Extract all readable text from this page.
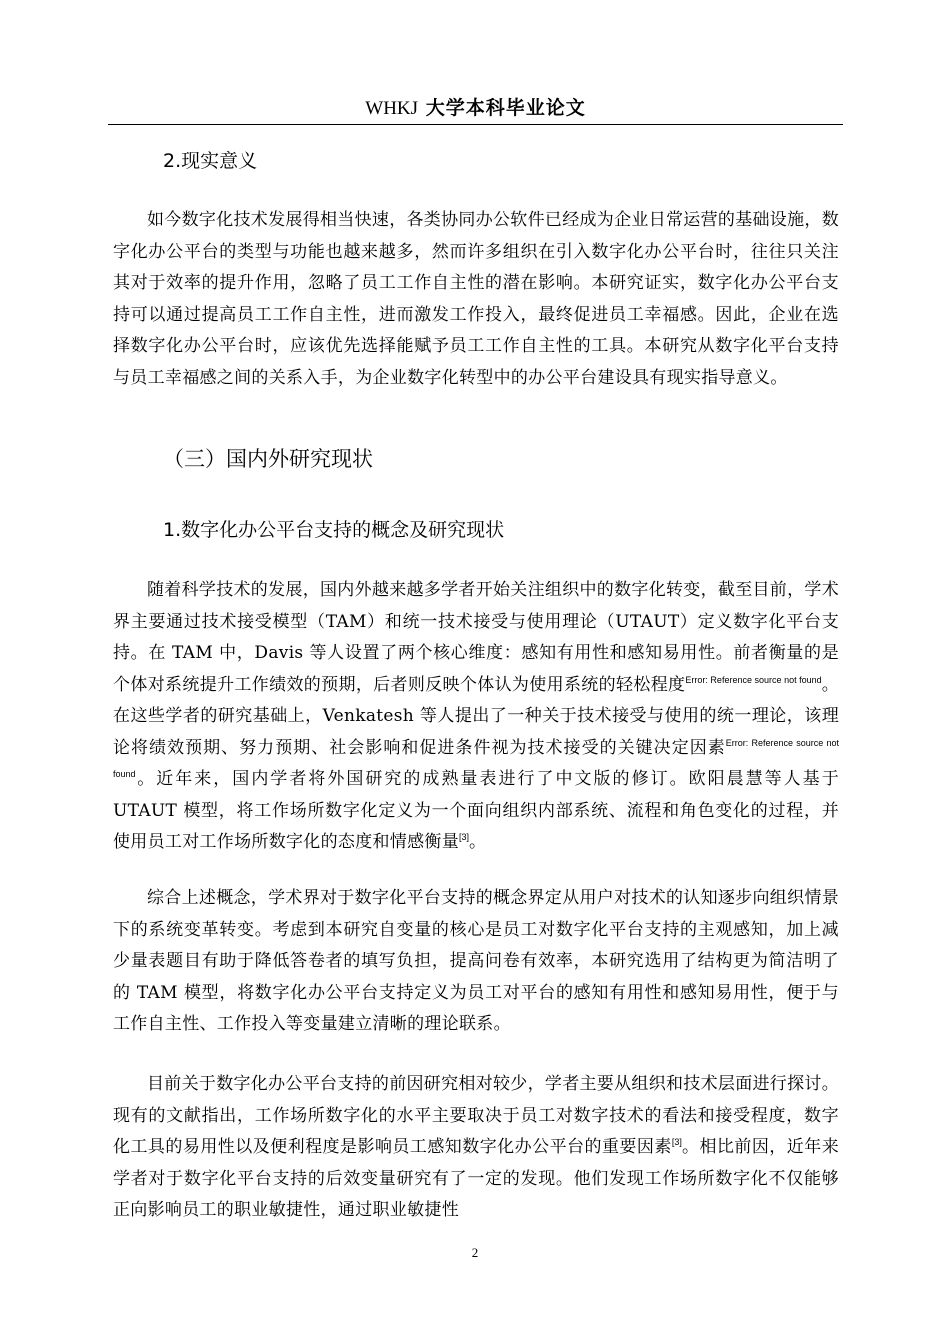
WHKJ 大学本科毕业论文
2.现实意义

如今数字化技术发展得相当快速，各类协同办公软件已经成为企业日常运营的基础设施，数字化办公平台的类型与功能也越来越多，然而许多组织在引入数字化办公平台时，往往只关注其对于效率的提升作用，忽略了员工工作自主性的潜在影响。本研究证实，数字化办公平台支持可以通过提高员工工作自主性，进而激发工作投入，最终促进员工幸福感。因此，企业在选择数字化办公平台时，应该优先选择能赋予员工工作自主性的工具。本研究从数字化平台支持与员工幸福感之间的关系入手，为企业数字化转型中的办公平台建设具有现实指导意义。

（三）国内外研究现状
1.数字化办公平台支持的概念及研究现状

随着科学技术的发展，国内外越来越多学者开始关注组织中的数字化转变，截至目前，学术界主要通过技术接受模型（TAM）和统一技术接受与使用理论（UTAUT）定义数字化平台支持。在 TAM 中，Davis 等人设置了两个核心维度：感知有用性和感知易用性。前者衡量的是个体对系统提升工作绩效的预期，后者则反映个体认为使用系统的轻松程度$^{Error: Reference source not found}$。在这些学者的研究基础上，Venkatesh 等人提出了一种关于技术接受与使用的统一理论，该理论将绩效预期、努力预期、社会影响和促进条件视为技术接受的关键决定因素$^{Error: Reference source not found}$。近年来，国内学者将外国研究的成熟量表进行了中文版的修订。欧阳晨慧等人基于 UTAUT 模型，将工作场所数字化定义为一个面向组织内部系统、流程和角色变化的过程，并使用员工对工作场所数字化的态度和情感衡量[3]。

综合上述概念，学术界对于数字化平台支持的概念界定从用户对技术的认知逐步向组织情景下的系统变革转变。考虑到本研究自变量的核心是员工对数字化平台支持的主观感知，加上减少量表题目有助于降低答卷者的填写负担，提高问卷有效率，本研究选用了结构更为简洁明了的 TAM 模型，将数字化办公平台支持定义为员工对平台的感知有用性和感知易用性，便于与工作自主性、工作投入等变量建立清晰的理论联系。

目前关于数字化办公平台支持的前因研究相对较少，学者主要从组织和技术层面进行探讨。现有的文献指出，工作场所数字化的水平主要取决于员工对数字技术的看法和接受程度，数字化工具的易用性以及便利程度是影响员工感知数字化办公平台的重要因素[3]。相比前因，近年来学者对于数字化平台支持的后效变量研究有了一定的发现。他们发现工作场所数字化不仅能够正向影响员工的职业敏捷性，通过职业敏捷性

2
